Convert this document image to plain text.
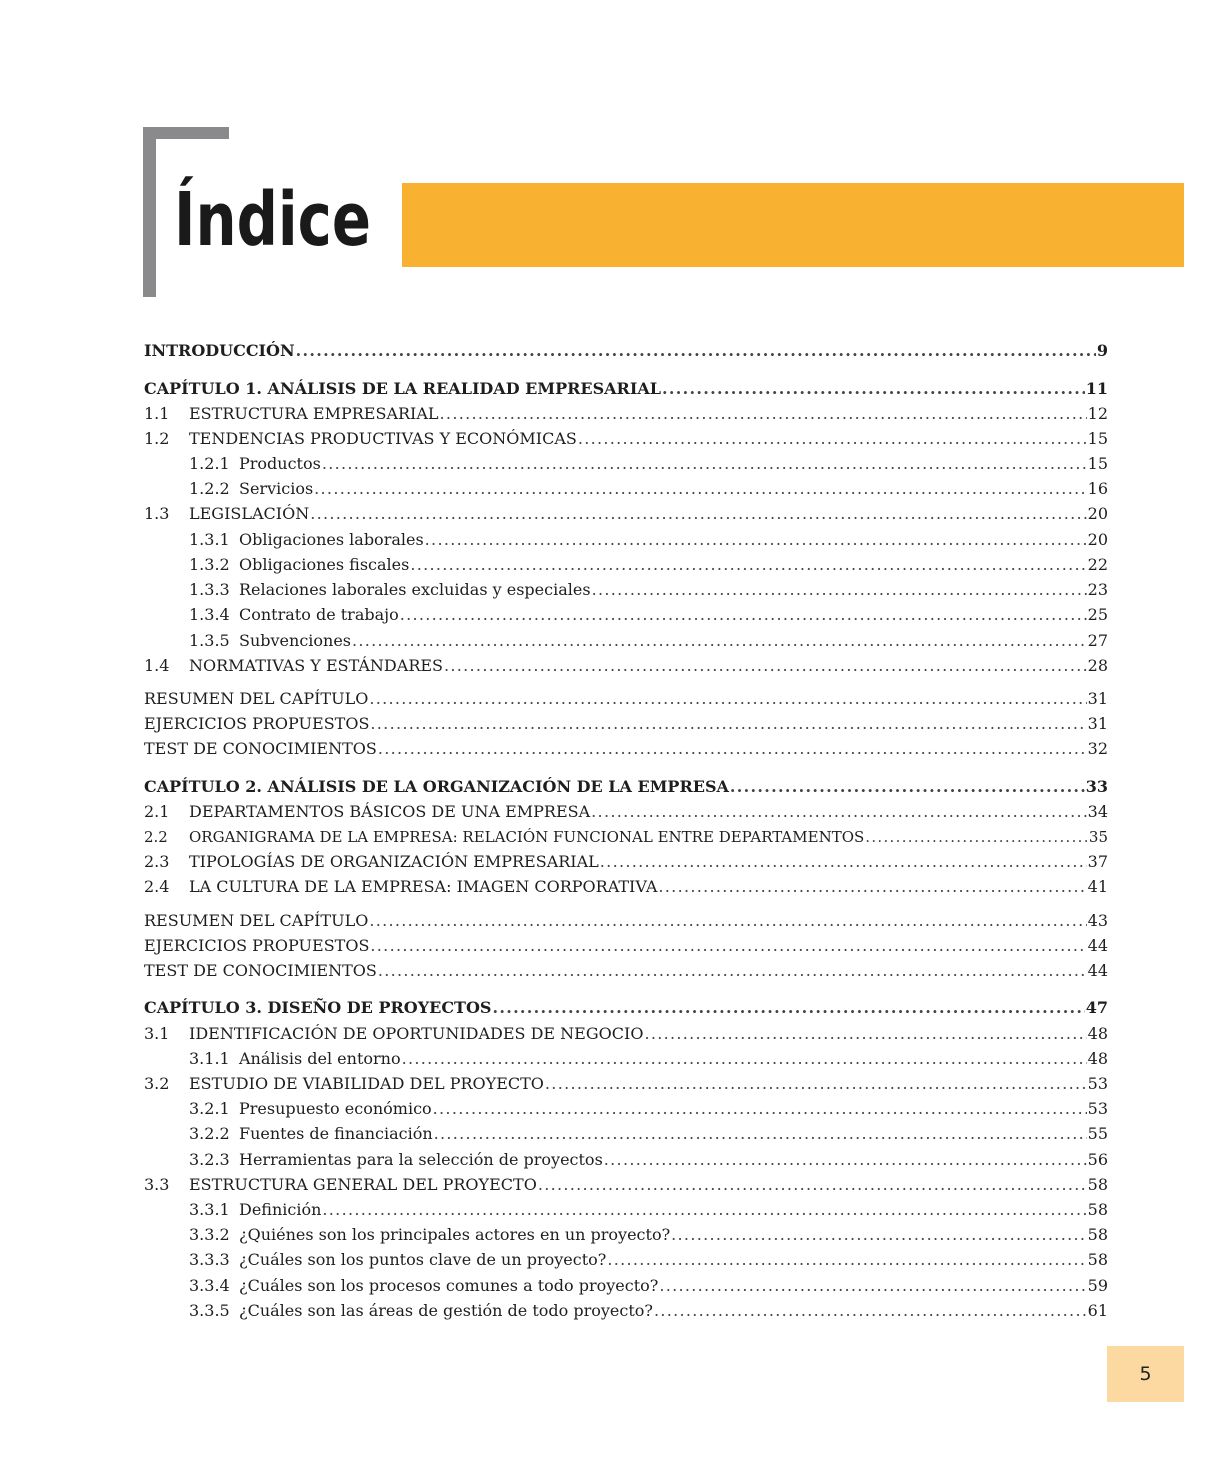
Índice
INTRODUCCIÓN .....	9
CAPÍTULO 1. ANÁLISIS DE LA REALIDAD EMPRESARIAL .....	11
1.1	ESTRUCTURA EMPRESARIAL .....	12
1.2	TENDENCIAS PRODUCTIVAS Y ECONÓMICAS .....	15
1.2.1 Productos .....	15
1.2.2 Servicios .....	16
1.3	LEGISLACIÓN .....	20
1.3.1 Obligaciones laborales .....	20
1.3.2 Obligaciones fiscales .....	22
1.3.3 Relaciones laborales excluidas y especiales .....	23
1.3.4 Contrato de trabajo .....	25
1.3.5 Subvenciones .....	27
1.4	NORMATIVAS Y ESTÁNDARES .....	28
RESUMEN DEL CAPÍTULO .....	31
EJERCICIOS PROPUESTOS .....	31
TEST DE CONOCIMIENTOS .....	32
CAPÍTULO 2. ANÁLISIS DE LA ORGANIZACIÓN DE LA EMPRESA .....	33
2.1	DEPARTAMENTOS BÁSICOS DE UNA EMPRESA .....	34
2.2	ORGANIGRAMA DE LA EMPRESA: RELACIÓN FUNCIONAL ENTRE DEPARTAMENTOS .....	35
2.3	TIPOLOGÍAS DE ORGANIZACIÓN EMPRESARIAL .....	37
2.4	LA CULTURA DE LA EMPRESA: IMAGEN CORPORATIVA .....	41
RESUMEN DEL CAPÍTULO .....	43
EJERCICIOS PROPUESTOS .....	44
TEST DE CONOCIMIENTOS .....	44
CAPÍTULO 3. DISEÑO DE PROYECTOS .....	47
3.1	IDENTIFICACIÓN DE OPORTUNIDADES DE NEGOCIO .....	48
3.1.1 Análisis del entorno .....	48
3.2	ESTUDIO DE VIABILIDAD DEL PROYECTO .....	53
3.2.1 Presupuesto económico .....	53
3.2.2 Fuentes de financiación .....	55
3.2.3 Herramientas para la selección de proyectos .....	56
3.3	ESTRUCTURA GENERAL DEL PROYECTO .....	58
3.3.1 Definición .....	58
3.3.2 ¿Quiénes son los principales actores en un proyecto? .....	58
3.3.3 ¿Cuáles son los puntos clave de un proyecto? .....	58
3.3.4 ¿Cuáles son los procesos comunes a todo proyecto? .....	59
3.3.5 ¿Cuáles son las áreas de gestión de todo proyecto? .....	61
5
